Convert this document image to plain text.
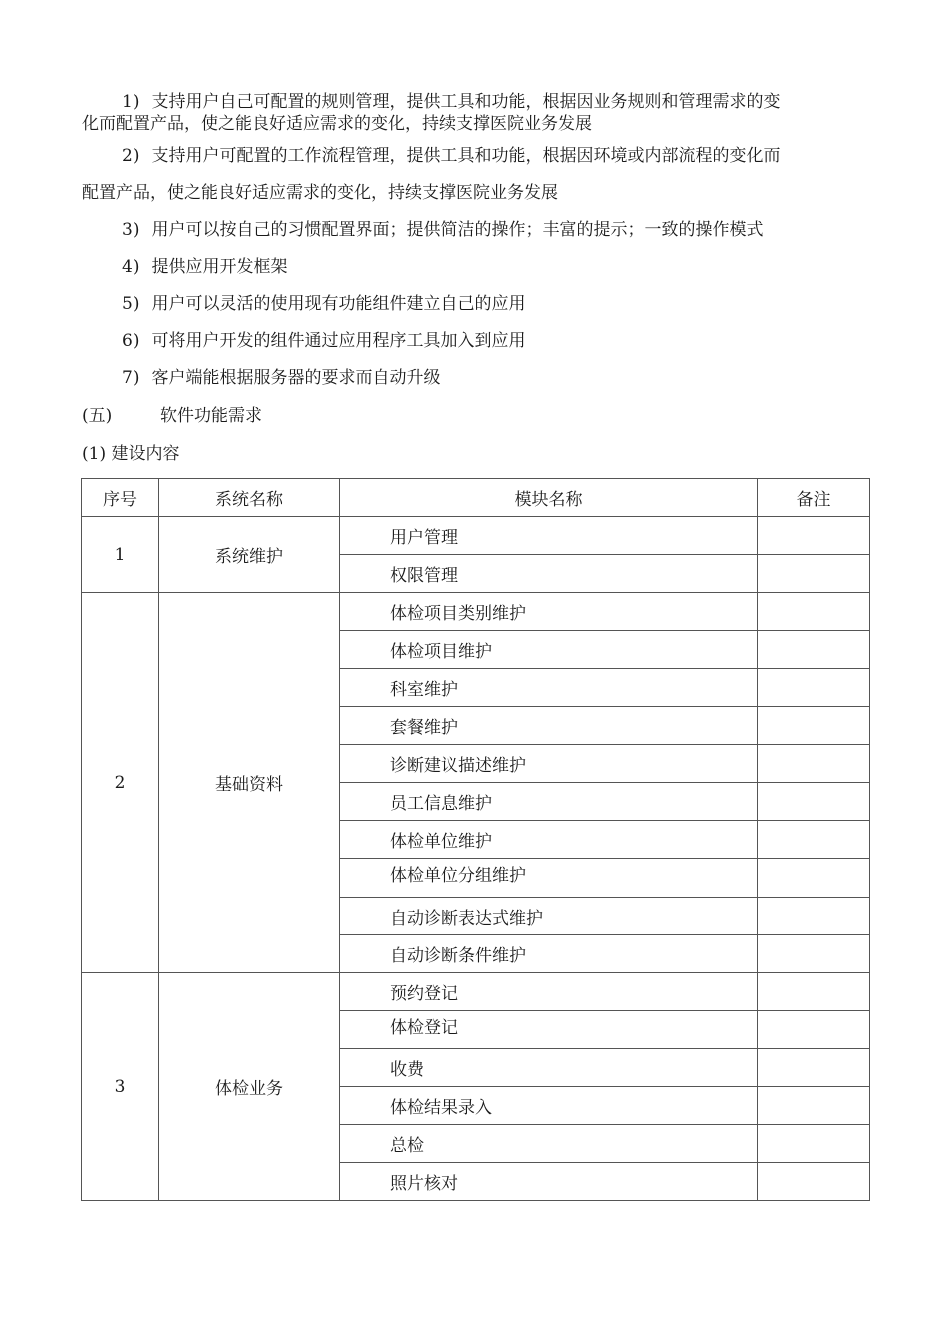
1) 支持用户自己可配置的规则管理，提供工具和功能，根据因业务规则和管理需求的变
化而配置产品，使之能良好适应需求的变化，持续支撑医院业务发展
2) 支持用户可配置的工作流程管理，提供工具和功能，根据因环境或内部流程的变化而
配置产品，使之能良好适应需求的变化，持续支撑医院业务发展
3) 用户可以按自己的习惯配置界面；提供简洁的操作；丰富的提示；一致的操作模式
4) 提供应用开发框架
5) 用户可以灵活的使用现有功能组件建立自己的应用
6) 可将用户开发的组件通过应用程序工具加入到应用
7) 客户端能根据服务器的要求而自动升级
(五)	软件功能需求
(1) 建设内容
序号	系统名称	模块名称	备注
1	系统维护	用户管理	
		权限管理	
2	基础资料	体检项目类别维护	
		体检项目维护	
		科室维护	
		套餐维护	
		诊断建议描述维护	
		员工信息维护	
		体检单位维护	
		体检单位分组维护	
		自动诊断表达式维护	
		自动诊断条件维护	
3	体检业务	预约登记	
		体检登记	
		收费	
		体检结果录入	
		总检	
		照片核对	
